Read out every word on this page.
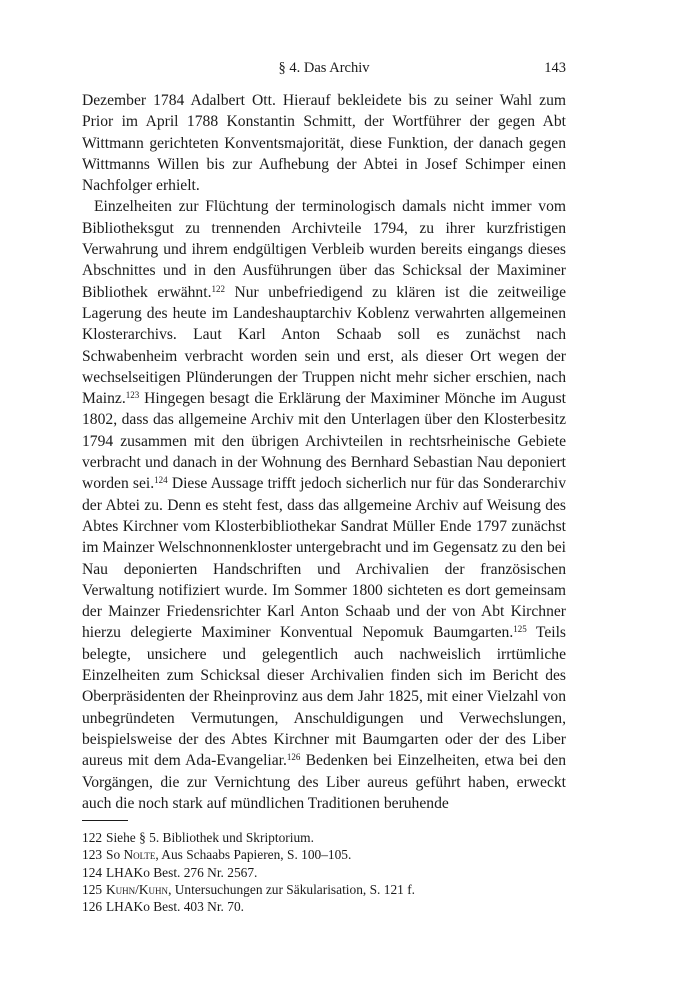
§ 4. Das Archiv	143

Dezember 1784 Adalbert Ott. Hierauf bekleidete bis zu seiner Wahl zum Prior im April 1788 Konstantin Schmitt, der Wortführer der gegen Abt Wittmann gerichteten Konventsmajorität, diese Funktion, der danach gegen Wittmanns Willen bis zur Aufhebung der Abtei in Josef Schimper einen Nachfolger erhielt.

Einzelheiten zur Flüchtung der terminologisch damals nicht immer vom Bibliotheksgut zu trennenden Archivteile 1794, zu ihrer kurzfristigen Verwahrung und ihrem endgültigen Verbleib wurden bereits eingangs dieses Abschnittes und in den Ausführungen über das Schicksal der Maximiner Bibliothek erwähnt.$^{122}$ Nur unbefriedigend zu klären ist die zeitweilige Lagerung des heute im Landeshauptarchiv Koblenz verwahrten allgemeinen Klosterarchivs. Laut Karl Anton Schaab soll es zunächst nach Schwabenheim verbracht worden sein und erst, als dieser Ort wegen der wechselseitigen Plünderungen der Truppen nicht mehr sicher erschien, nach Mainz.$^{123}$ Hingegen besagt die Erklärung der Maximiner Mönche im August 1802, dass das allgemeine Archiv mit den Unterlagen über den Klosterbesitz 1794 zusammen mit den übrigen Archivteilen in rechtsrheinische Gebiete verbracht und danach in der Wohnung des Bernhard Sebastian Nau deponiert worden sei.$^{124}$ Diese Aussage trifft jedoch sicherlich nur für das Sonderarchiv der Abtei zu. Denn es steht fest, dass das allgemeine Archiv auf Weisung des Abtes Kirchner vom Klosterbibliothekar Sandrat Müller Ende 1797 zunächst im Mainzer Welschnonnenkloster untergebracht und im Gegensatz zu den bei Nau deponierten Handschriften und Archivalien der französischen Verwaltung notifiziert wurde. Im Sommer 1800 sichteten es dort gemeinsam der Mainzer Friedensrichter Karl Anton Schaab und der von Abt Kirchner hierzu delegierte Maximiner Konventual Nepomuk Baumgarten.$^{125}$ Teils belegte, unsichere und gelegentlich auch nachweislich irrtümliche Einzelheiten zum Schicksal dieser Archivalien finden sich im Bericht des Oberpräsidenten der Rheinprovinz aus dem Jahr 1825, mit einer Vielzahl von unbegründeten Vermutungen, Anschuldigungen und Verwechslungen, beispielsweise der des Abtes Kirchner mit Baumgarten oder der des Liber aureus mit dem Ada-Evangeliar.$^{126}$ Bedenken bei Einzelheiten, etwa bei den Vorgängen, die zur Vernichtung des Liber aureus geführt haben, erweckt auch die noch stark auf mündlichen Traditionen beruhende

122 Siehe § 5. Bibliothek und Skriptorium.
123 So Nolte, Aus Schaabs Papieren, S. 100–105.
124 LHAKo Best. 276 Nr. 2567.
125 Kuhn/Kuhn, Untersuchungen zur Säkularisation, S. 121 f.
126 LHAKo Best. 403 Nr. 70.
